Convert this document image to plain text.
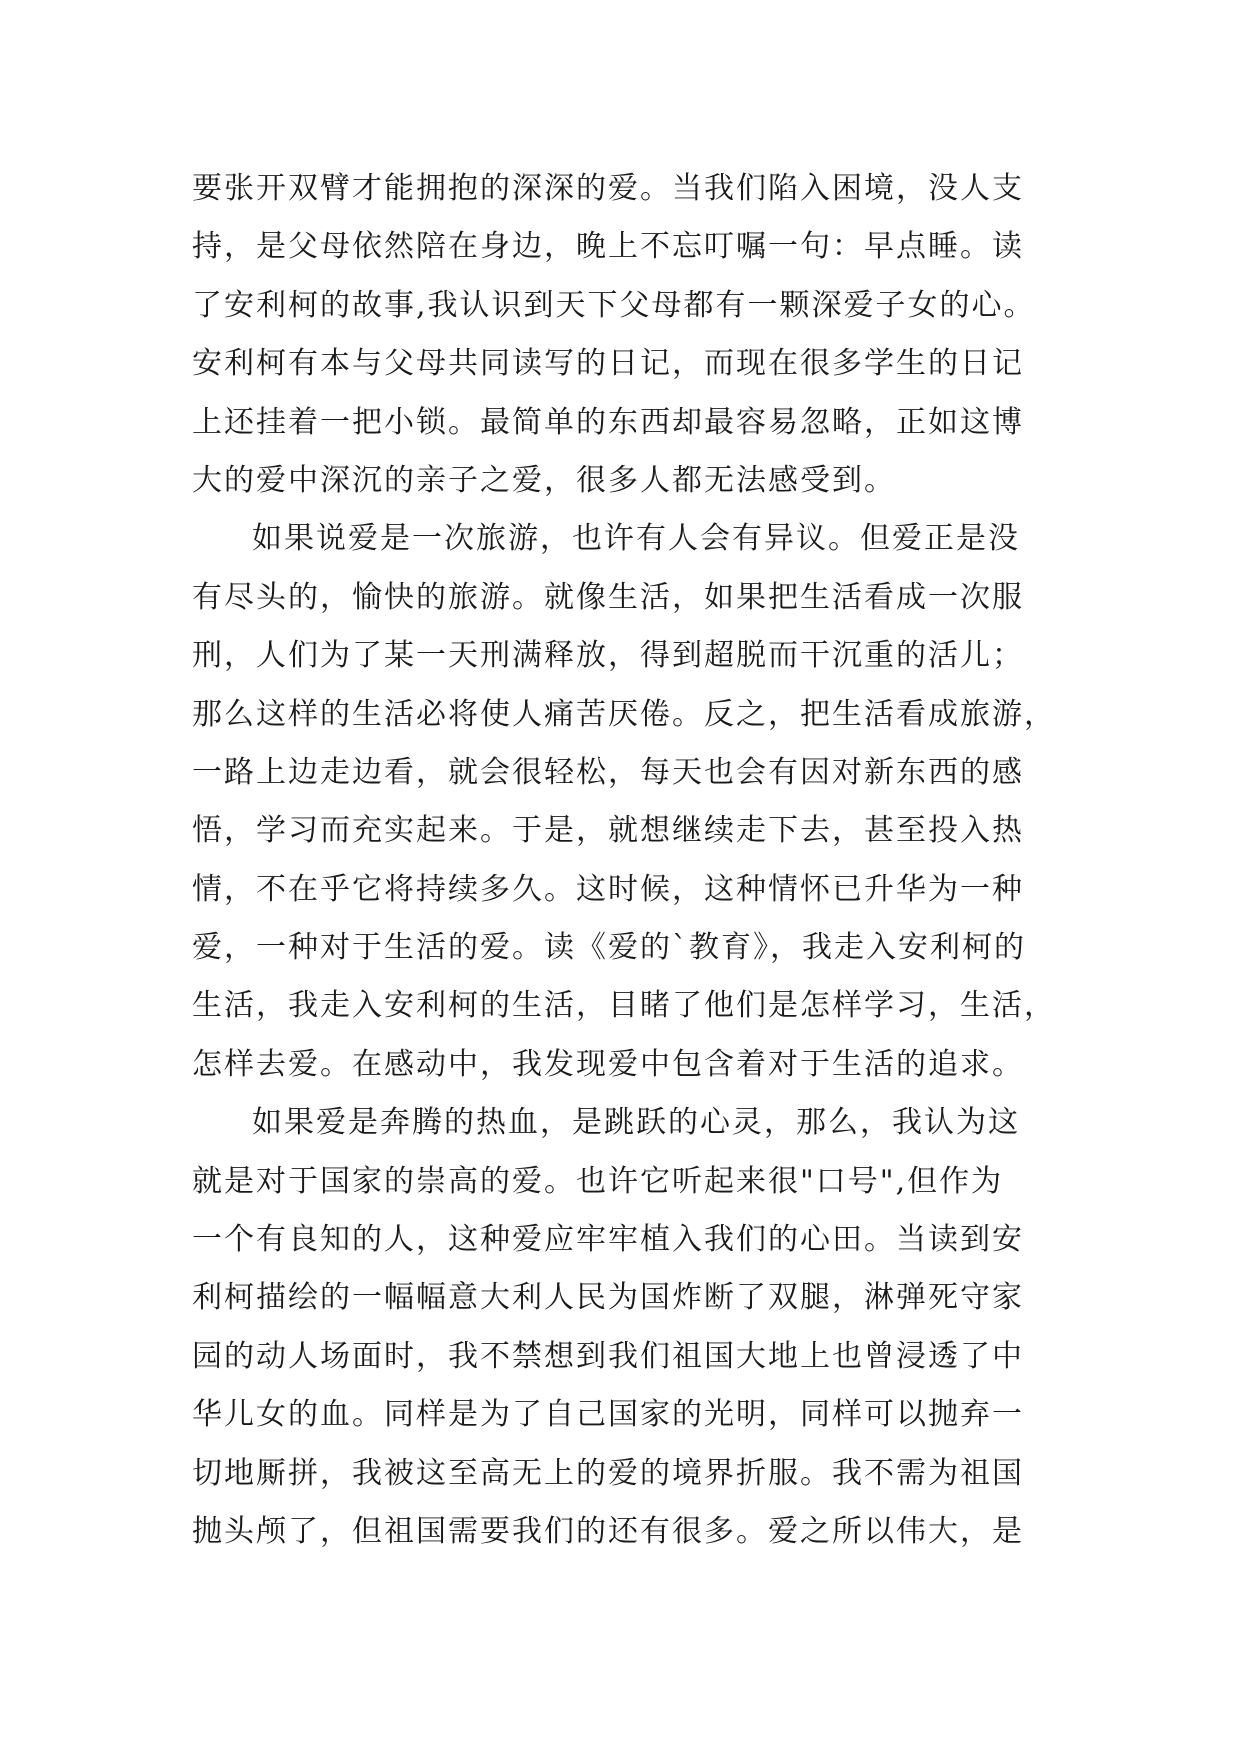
要张开双臂才能拥抱的深深的爱。当我们陷入困境，没人支
持，是父母依然陪在身边，晚上不忘叮嘱一句：早点睡。读
了安利柯的故事,我认识到天下父母都有一颗深爱子女的心。
安利柯有本与父母共同读写的日记，而现在很多学生的日记
上还挂着一把小锁。最简单的东西却最容易忽略，正如这博
大的爱中深沉的亲子之爱，很多人都无法感受到。
如果说爱是一次旅游，也许有人会有异议。但爱正是没
有尽头的，愉快的旅游。就像生活，如果把生活看成一次服
刑，人们为了某一天刑满释放，得到超脱而干沉重的活儿；
那么这样的生活必将使人痛苦厌倦。反之，把生活看成旅游，
一路上边走边看，就会很轻松，每天也会有因对新东西的感
悟，学习而充实起来。于是，就想继续走下去，甚至投入热
情，不在乎它将持续多久。这时候，这种情怀已升华为一种
爱，一种对于生活的爱。读《爱的`教育》，我走入安利柯的
生活，我走入安利柯的生活，目睹了他们是怎样学习，生活，
怎样去爱。在感动中，我发现爱中包含着对于生活的追求。
如果爱是奔腾的热血，是跳跃的心灵，那么，我认为这
就是对于国家的崇高的爱。也许它听起来很"口号",但作为
一个有良知的人，这种爱应牢牢植入我们的心田。当读到安
利柯描绘的一幅幅意大利人民为国炸断了双腿，淋弹死守家
园的动人场面时，我不禁想到我们祖国大地上也曾浸透了中
华儿女的血。同样是为了自己国家的光明，同样可以抛弃一
切地厮拼，我被这至高无上的爱的境界折服。我不需为祖国
抛头颅了，但祖国需要我们的还有很多。爱之所以伟大，是
